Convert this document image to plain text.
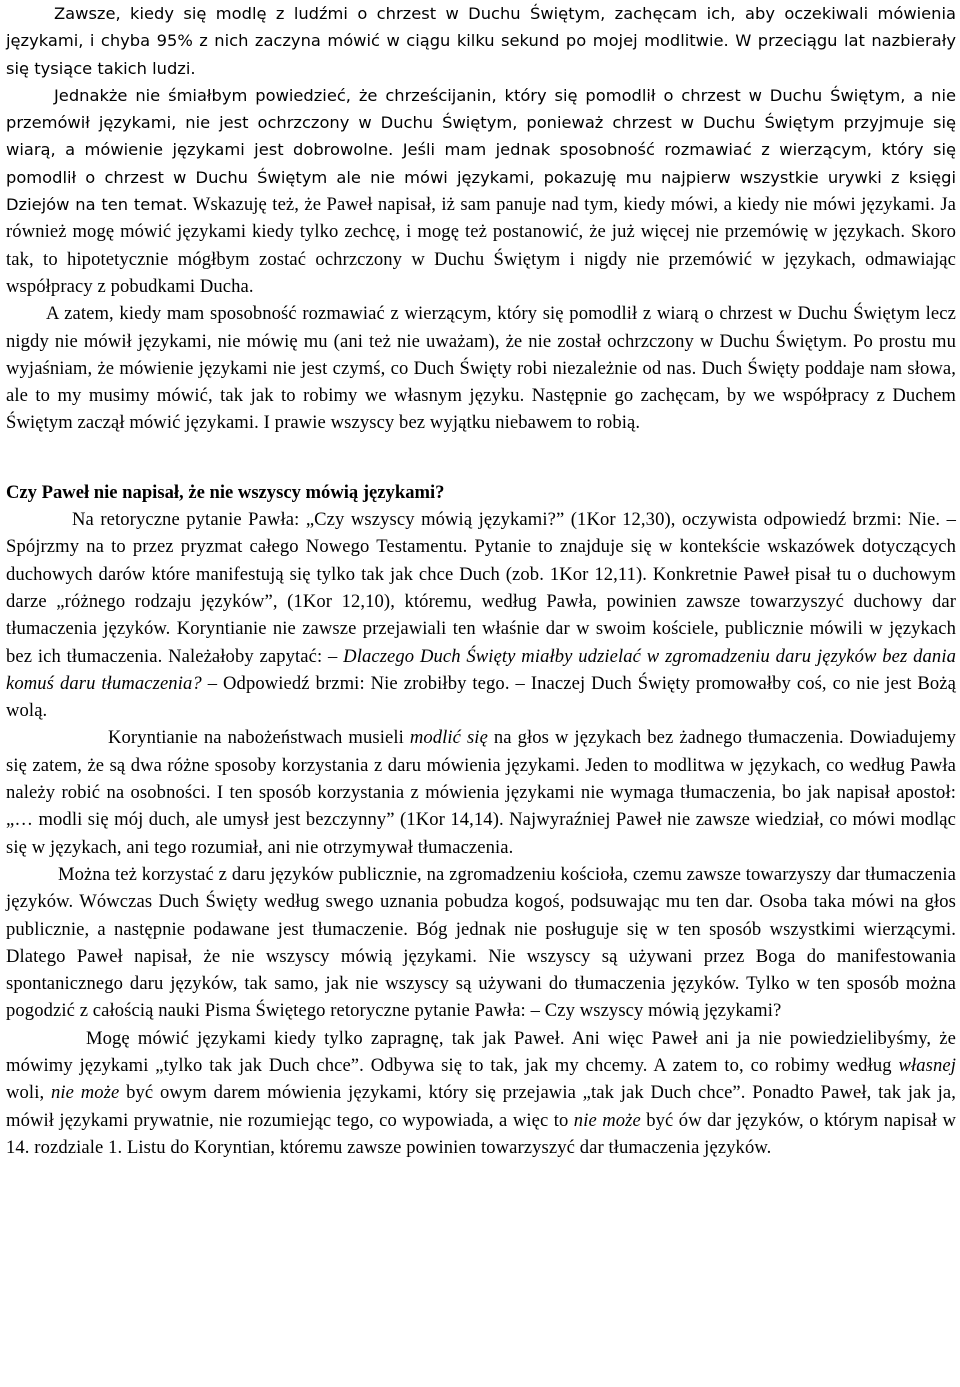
Zawsze, kiedy się modlę z ludźmi o chrzest w Duchu Świętym, zachęcam ich, aby oczekiwali mówienia językami, i chyba 95% z nich zaczyna mówić w ciągu kilku sekund po mojej modlitwie. W przeciągu lat nazbierały się tysiące takich ludzi.

Jednakże nie śmiałbym powiedzieć, że chrześcijanin, który się pomodlił o chrzest w Duchu Świętym, a nie przemówił językami, nie jest ochrzczony w Duchu Świętym, ponieważ chrzest w Duchu Świętym przyjmuje się wiarą, a mówienie językami jest dobrowolne. Jeśli mam jednak sposobność rozmawiać z wierzącym, który się pomodlił o chrzest w Duchu Świętym ale nie mówi językami, pokazuję mu najpierw wszystkie urywki z księgi Dziejów na ten temat. Wskazuję też, że Paweł napisał, iż sam panuje nad tym, kiedy mówi, a kiedy nie mówi językami. Ja również mogę mówić językami kiedy tylko zechcę, i mogę też postanowić, że już więcej nie przemówię w językach. Skoro tak, to hipotetycznie mógłbym zostać ochrzczony w Duchu Świętym i nigdy nie przemówić w językach, odmawiając współpracy z pobudkami Ducha.

A zatem, kiedy mam sposobność rozmawiać z wierzącym, który się pomodlił z wiarą o chrzest w Duchu Świętym lecz nigdy nie mówił językami, nie mówię mu (ani też nie uważam), że nie został ochrzczony w Duchu Świętym. Po prostu mu wyjaśniam, że mówienie językami nie jest czymś, co Duch Święty robi niezależnie od nas. Duch Święty poddaje nam słowa, ale to my musimy mówić, tak jak to robimy we własnym języku. Następnie go zachęcam, by we współpracy z Duchem Świętym zaczął mówić językami. I prawie wszyscy bez wyjątku niebawem to robią.

Czy Paweł nie napisał, że nie wszyscy mówią językami?

Na retoryczne pytanie Pawła: „Czy wszyscy mówią językami?” (1Kor 12,30), oczywista odpowiedź brzmi: Nie. – Spójrzmy na to przez pryzmat całego Nowego Testamentu. Pytanie to znajduje się w kontekście wskazówek dotyczących duchowych darów które manifestują się tylko tak jak chce Duch (zob. 1Kor 12,11). Konkretnie Paweł pisał tu o duchowym darze „różnego rodzaju języków”, (1Kor 12,10), któremu, według Pawła, powinien zawsze towarzyszyć duchowy dar tłumaczenia języków. Koryntianie nie zawsze przejawiali ten właśnie dar w swoim kościele, publicznie mówili w językach bez ich tłumaczenia. Należałoby zapytać: – Dlaczego Duch Święty miałby udzielać w zgromadzeniu daru języków bez dania komuś daru tłumaczenia? – Odpowiedź brzmi: Nie zrobiłby tego. – Inaczej Duch Święty promowałby coś, co nie jest Bożą wolą.

Koryntianie na nabożeństwach musieli modlić się na głos w językach bez żadnego tłumaczenia. Dowiadujemy się zatem, że są dwa różne sposoby korzystania z daru mówienia językami. Jeden to modlitwa w językach, co według Pawła należy robić na osobności. I ten sposób korzystania z mówienia językami nie wymaga tłumaczenia, bo jak napisał apostoł: „… modli się mój duch, ale umysł jest bezczynny” (1Kor 14,14). Najwyraźniej Paweł nie zawsze wiedział, co mówi modląc się w językach, ani tego rozumiał, ani nie otrzymywał tłumaczenia.

Można też korzystać z daru języków publicznie, na zgromadzeniu kościoła, czemu zawsze towarzyszy dar tłumaczenia języków. Wówczas Duch Święty według swego uznania pobudza kogoś, podsuwając mu ten dar. Osoba taka mówi na głos publicznie, a następnie podawane jest tłumaczenie. Bóg jednak nie posługuje się w ten sposób wszystkimi wierzącymi. Dlatego Paweł napisał, że nie wszyscy mówią językami. Nie wszyscy są używani przez Boga do manifestowania spontanicznego daru języków, tak samo, jak nie wszyscy są używani do tłumaczenia języków. Tylko w ten sposób można pogodzić z całością nauki Pisma Świętego retoryczne pytanie Pawła: – Czy wszyscy mówią językami?

Mogę mówić językami kiedy tylko zapragnę, tak jak Paweł. Ani więc Paweł ani ja nie powiedzielibyśmy, że mówimy językami „tylko tak jak Duch chce”. Odbywa się to tak, jak my chcemy. A zatem to, co robimy według własnej woli, nie może być owym darem mówienia językami, który się przejawia „tak jak Duch chce”. Ponadto Paweł, tak jak ja, mówił językami prywatnie, nie rozumiejąc tego, co wypowiada, a więc to nie może być ów dar języków, o którym napisał w 14. rozdziale 1. Listu do Koryntian, któremu zawsze powinien towarzyszyć dar tłumaczenia języków.
